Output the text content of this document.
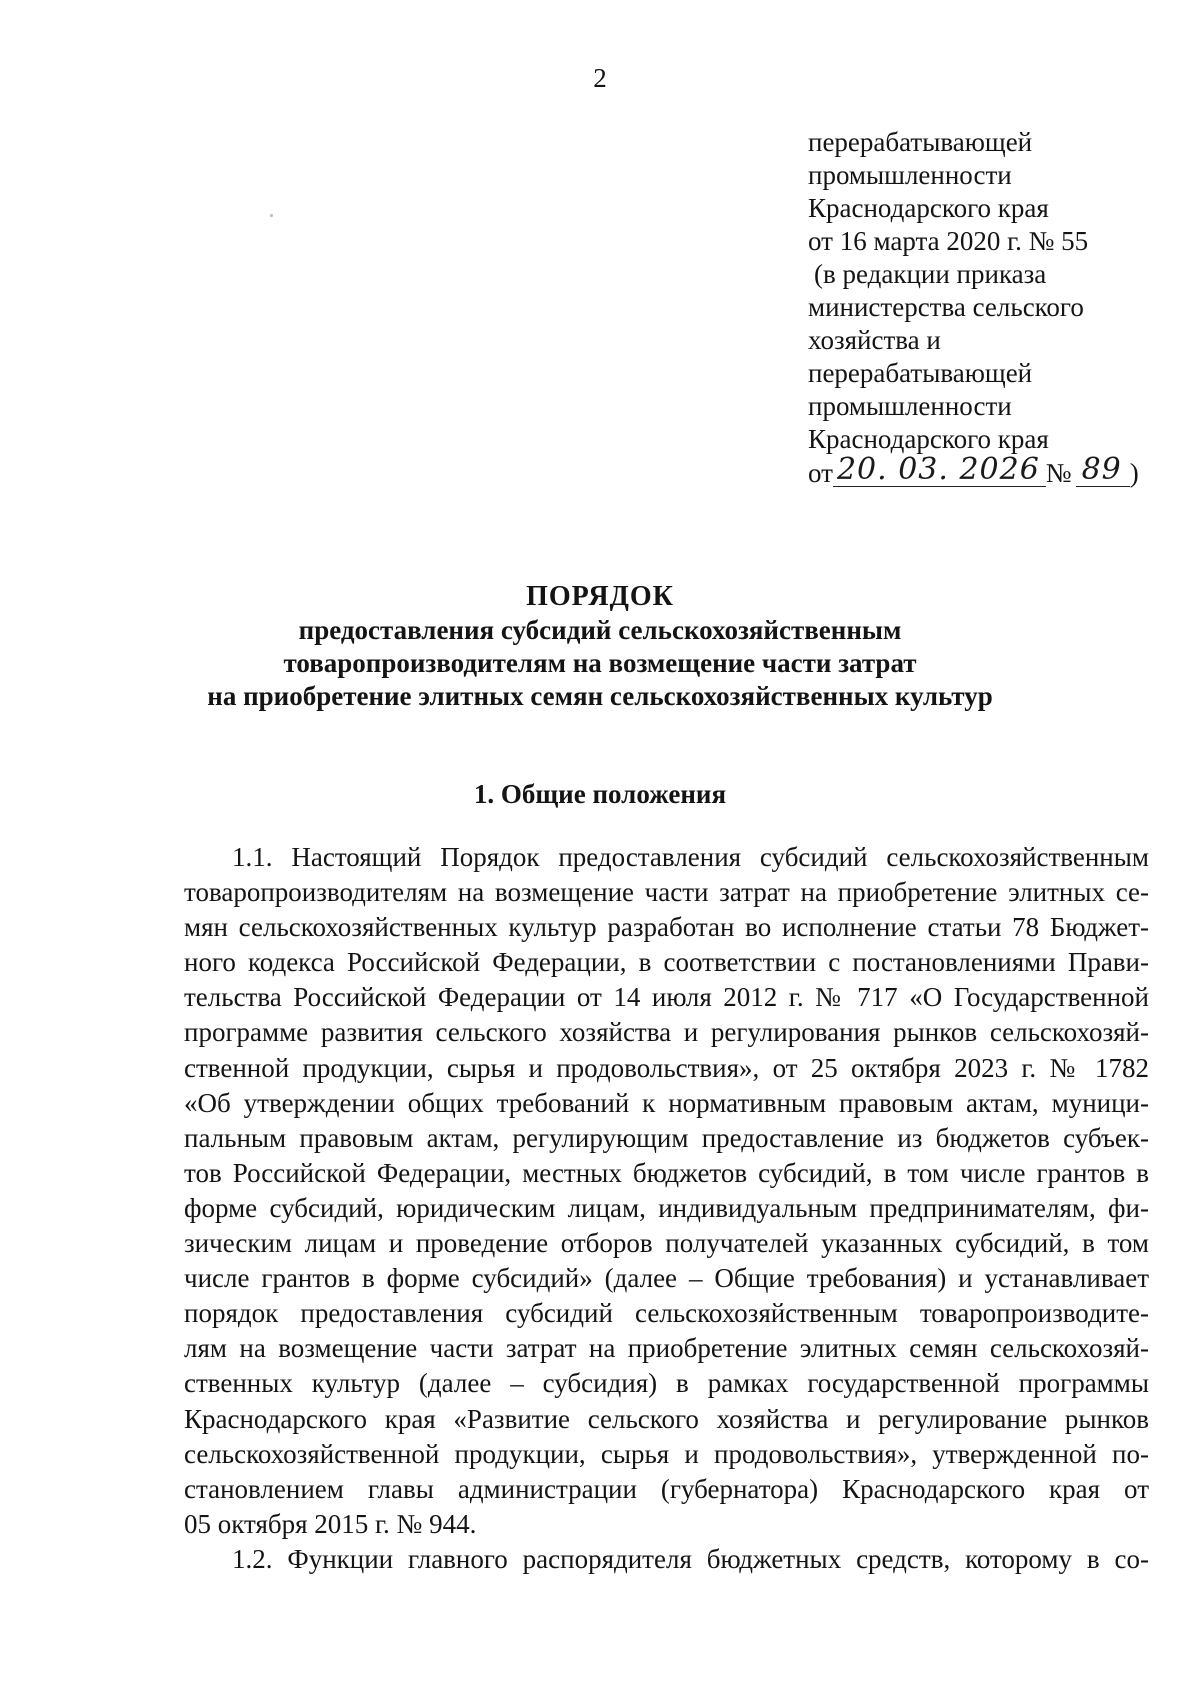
2
перерабатывающей
промышленности
Краснодарского края
от 16 марта 2020 г. № 55
(в редакции приказа
министерства сельского
хозяйства и
перерабатывающей
промышленности
Краснодарского края
от 20. 03. 2026 № 89 )
ПОРЯДОК
предоставления субсидий сельскохозяйственным
товаропроизводителям на возмещение части затрат
на приобретение элитных семян сельскохозяйственных культур
1. Общие положения
1.1. Настоящий Порядок предоставления субсидий сельскохозяйственным
товаропроизводителям на возмещение части затрат на приобретение элитных се-
мян сельскохозяйственных культур разработан во исполнение статьи 78 Бюджет-
ного кодекса Российской Федерации, в соответствии с постановлениями Прави-
тельства Российской Федерации от 14 июля 2012 г. № 717 «О Государственной
программе развития сельского хозяйства и регулирования рынков сельскохозяй-
ственной продукции, сырья и продовольствия», от 25 октября 2023 г. № 1782
«Об утверждении общих требований к нормативным правовым актам, муници-
пальным правовым актам, регулирующим предоставление из бюджетов субъек-
тов Российской Федерации, местных бюджетов субсидий, в том числе грантов в
форме субсидий, юридическим лицам, индивидуальным предпринимателям, фи-
зическим лицам и проведение отборов получателей указанных субсидий, в том
числе грантов в форме субсидий» (далее – Общие требования) и устанавливает
порядок предоставления субсидий сельскохозяйственным товаропроизводите-
лям на возмещение части затрат на приобретение элитных семян сельскохозяй-
ственных культур (далее – субсидия) в рамках государственной программы
Краснодарского края «Развитие сельского хозяйства и регулирование рынков
сельскохозяйственной продукции, сырья и продовольствия», утвержденной по-
становлением главы администрации (губернатора) Краснодарского края от
05 октября 2015 г. № 944.
1.2. Функции главного распорядителя бюджетных средств, которому в со-
